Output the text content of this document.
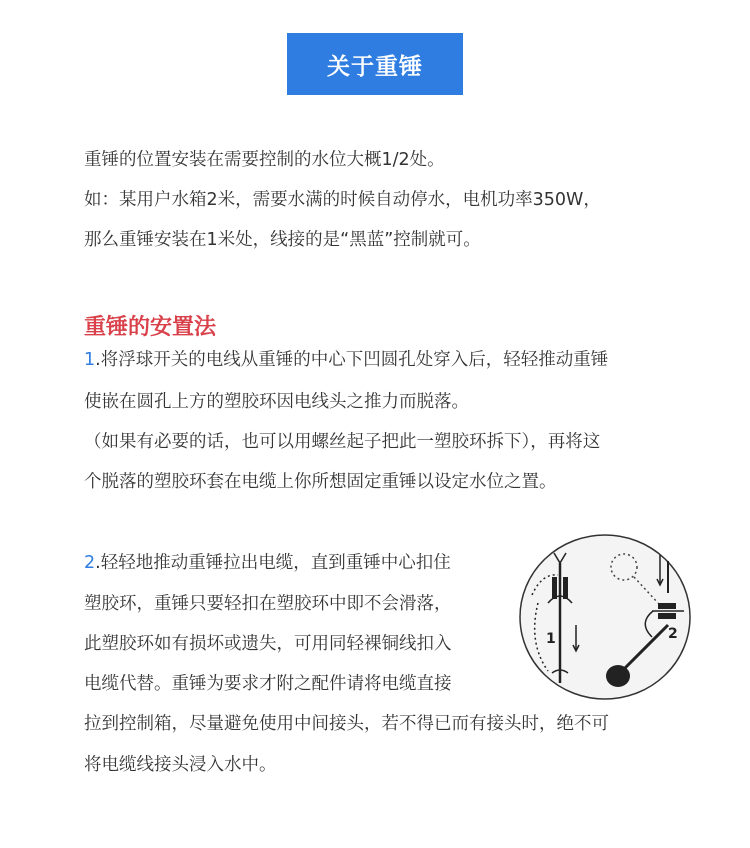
关于重锤
重锤的位置安装在需要控制的水位大概1/2处。
如：某用户水箱2米，需要水满的时候自动停水，电机功率350W，
那么重锤安装在1米处，线接的是“黑蓝”控制就可。
重锤的安置法
1.将浮球开关的电线从重锤的中心下凹圆孔处穿入后，轻轻推动重锤
使嵌在圆孔上方的塑胶环因电线头之推力而脱落。
（如果有必要的话，也可以用螺丝起子把此一塑胶环拆下），再将这
个脱落的塑胶环套在电缆上你所想固定重锤以设定水位之置。
2.轻轻地推动重锤拉出电缆，直到重锤中心扣住
塑胶环，重锤只要轻扣在塑胶环中即不会滑落，
此塑胶环如有损坏或遗失，可用同轻裸铜线扣入
电缆代替。重锤为要求才附之配件请将电缆直接
拉到控制箱，尽量避免使用中间接头，若不得已而有接头时，绝不可
将电缆线接头浸入水中。
1	2
